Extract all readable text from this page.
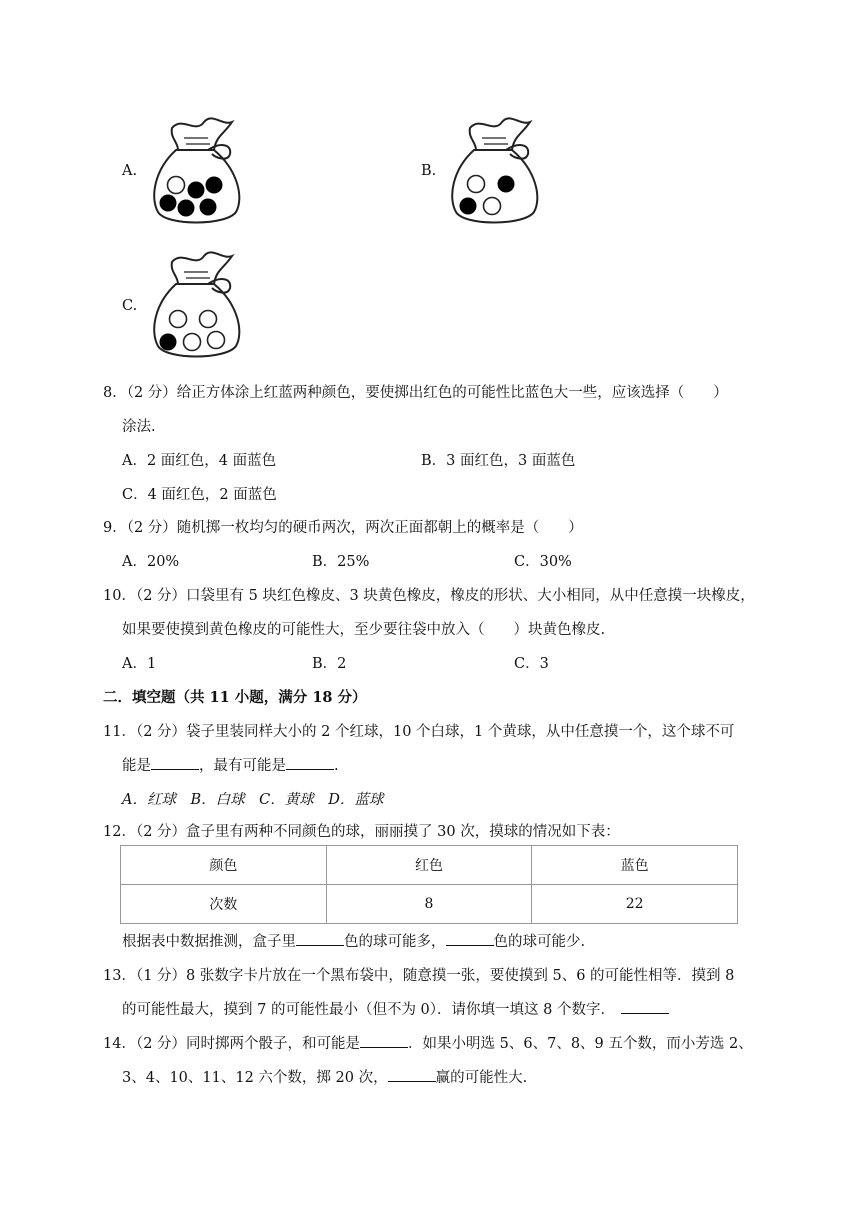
A.	B.
C.
8．（2 分）给正方体涂上红蓝两种颜色，要使掷出红色的可能性比蓝色大一些，应该选择（　　）
涂法.
A．2 面红色，4 面蓝色	B．3 面红色，3 面蓝色
C．4 面红色，2 面蓝色
9．（2 分）随机掷一枚均匀的硬币两次，两次正面都朝上的概率是（　　）
A．20%	B．25%	C．30%
10．（2 分）口袋里有 5 块红色橡皮、3 块黄色橡皮，橡皮的形状、大小相同，从中任意摸一块橡皮，
如果要使摸到黄色橡皮的可能性大，至少要往袋中放入（　　）块黄色橡皮.
A．1	B．2	C．3
二．填空题（共 11 小题，满分 18 分）
11．（2 分）袋子里装同样大小的 2 个红球，10 个白球，1 个黄球，从中任意摸一个，这个球不可
能是	，最有可能是	.
A．红球　B．白球　C．黄球　D．蓝球
12．（2 分）盒子里有两种不同颜色的球，丽丽摸了 30 次，摸球的情况如下表：
颜色	红色	蓝色
次数	8	22
根据表中数据推测，盒子里	色的球可能多，	色的球可能少.
13．（1 分）8 张数字卡片放在一个黑布袋中，随意摸一张，要使摸到 5、6 的可能性相等．摸到 8
的可能性最大，摸到 7 的可能性最小（但不为 0）．请你填一填这 8 个数字．
14．（2 分）同时掷两个骰子，和可能是	．如果小明选 5、6、7、8、9 五个数，而小芳选 2、
3、4、10、11、12 六个数，掷 20 次，	赢的可能性大.
